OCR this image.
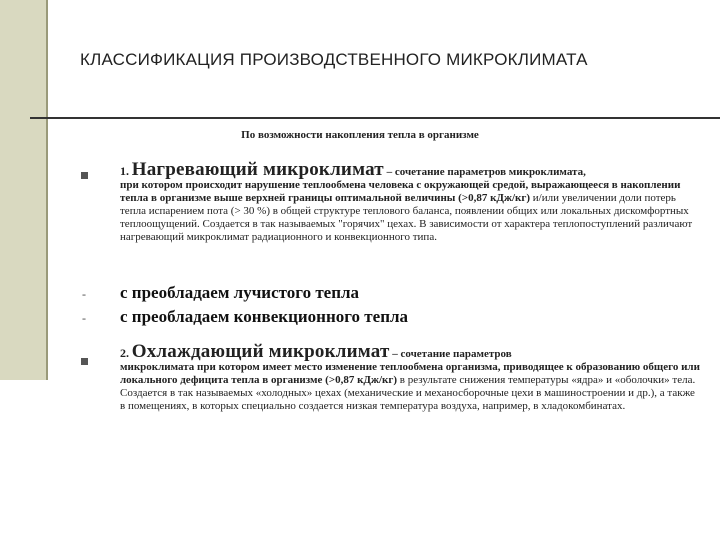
КЛАССИФИКАЦИЯ ПРОИЗВОДСТВЕННОГО МИКРОКЛИМАТА
По возможности накопления тепла в организме
1. Нагревающий микроклимат – сочетание параметров микроклимата,
при котором происходит нарушение теплообмена человека с окружающей средой, выражающееся в накоплении тепла в организме выше верхней границы оптимальной величины (>0,87 кДж/кг) и/или увеличении доли потерь тепла испарением пота (> 30 %) в общей структуре теплового баланса, появлении общих или локальных дискомфортных теплоощущений. Создается в так называемых "горячих" цехах. В зависимости от характера теплопоступлений различают нагревающий микроклимат радиационного и конвекционного типа.
- с преобладаем лучистого тепла
- с преобладаем конвекционного тепла
2. Охлаждающий микроклимат – сочетание параметров
микроклимата при котором имеет место изменение теплообмена организма, приводящее к образованию общего или локального дефицита тепла в организме (>0,87 кДж/кг) в результате снижения температуры «ядра» и «оболочки» тела. Создается в так называемых «холодных» цехах (механические и механосборочные цехи в машиностроении и др.), а также в помещениях, в которых специально создается низкая температура воздуха, например, в хладокомбинатах.
